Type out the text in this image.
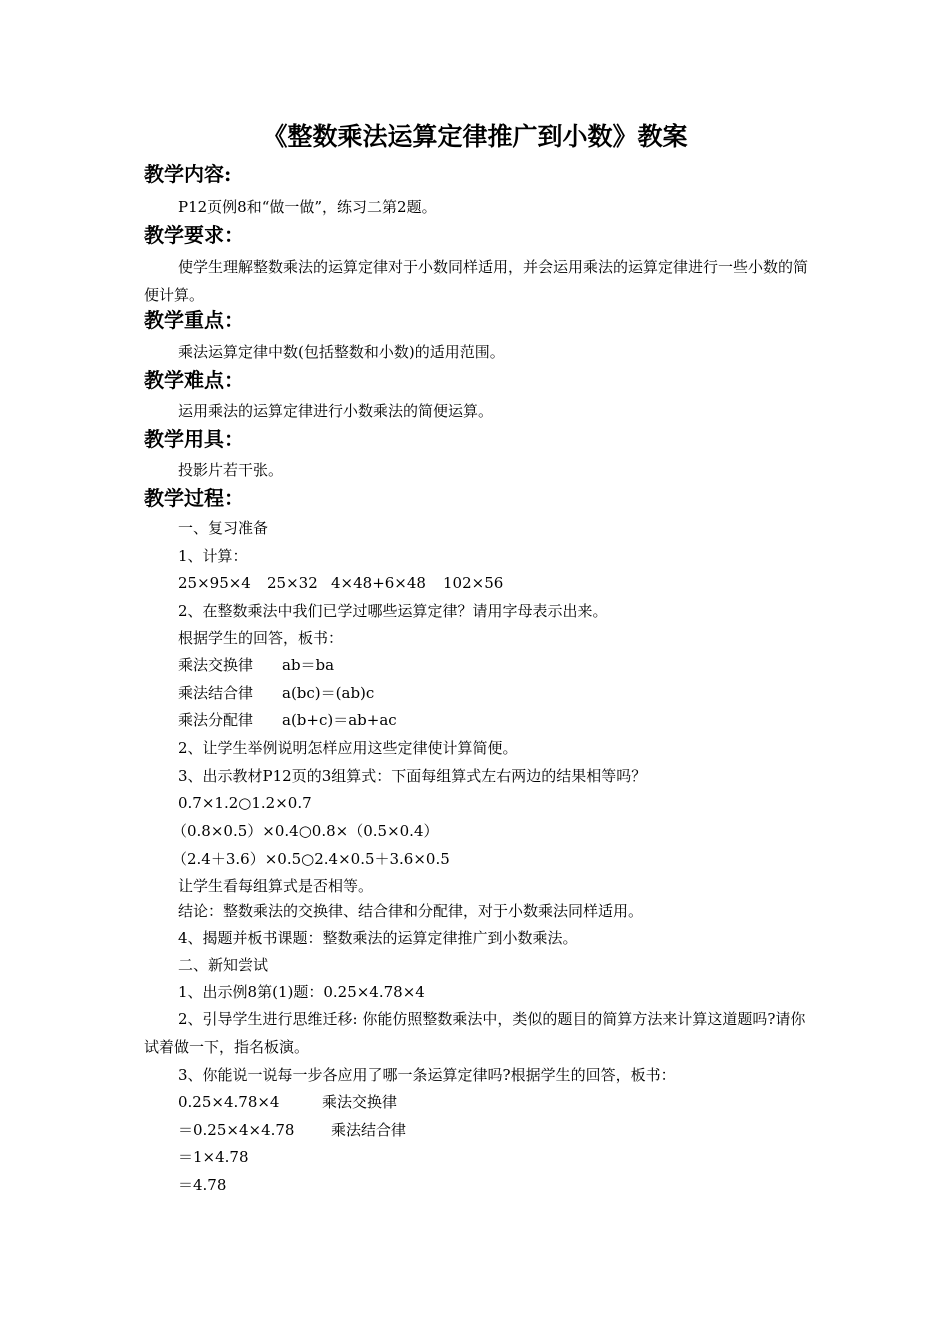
《整数乘法运算定律推广到小数》教案
教学内容:
P12页例8和“做一做”，练习二第2题。
教学要求：
使学生理解整数乘法的运算定律对于小数同样适用，并会运用乘法的运算定律进行一些小数的简便计算。
教学重点：
乘法运算定律中数(包括整数和小数)的适用范围。
教学难点：
运用乘法的运算定律进行小数乘法的简便运算。
教学用具：
投影片若干张。
教学过程：
一、复习准备
1、计算：
25×95×4 25×32 4×48+6×48 102×56
2、在整数乘法中我们已学过哪些运算定律？请用字母表示出来。
根据学生的回答，板书：
乘法交换律 ab＝ba
乘法结合律 a(bc)＝(ab)c
乘法分配律 a(b+c)＝ab+ac
2、让学生举例说明怎样应用这些定律使计算简便。
3、出示教材P12页的3组算式：下面每组算式左右两边的结果相等吗？
0.7×1.2○1.2×0.7
（0.8×0.5）×0.4○0.8×（0.5×0.4）
（2.4＋3.6）×0.5○2.4×0.5＋3.6×0.5
让学生看每组算式是否相等。
结论：整数乘法的交换律、结合律和分配律，对于小数乘法同样适用。
4、揭题并板书课题：整数乘法的运算定律推广到小数乘法。
二、新知尝试
1、出示例8第(1)题：0.25×4.78×4
2、引导学生进行思维迁移: 你能仿照整数乘法中，类似的题目的简算方法来计算这道题吗?请你试着做一下，指名板演。
3、你能说一说每一步各应用了哪一条运算定律吗?根据学生的回答，板书：
0.25×4.78×4	乘法交换律
＝0.25×4×4.78 乘法结合律
＝1×4.78
＝4.78
